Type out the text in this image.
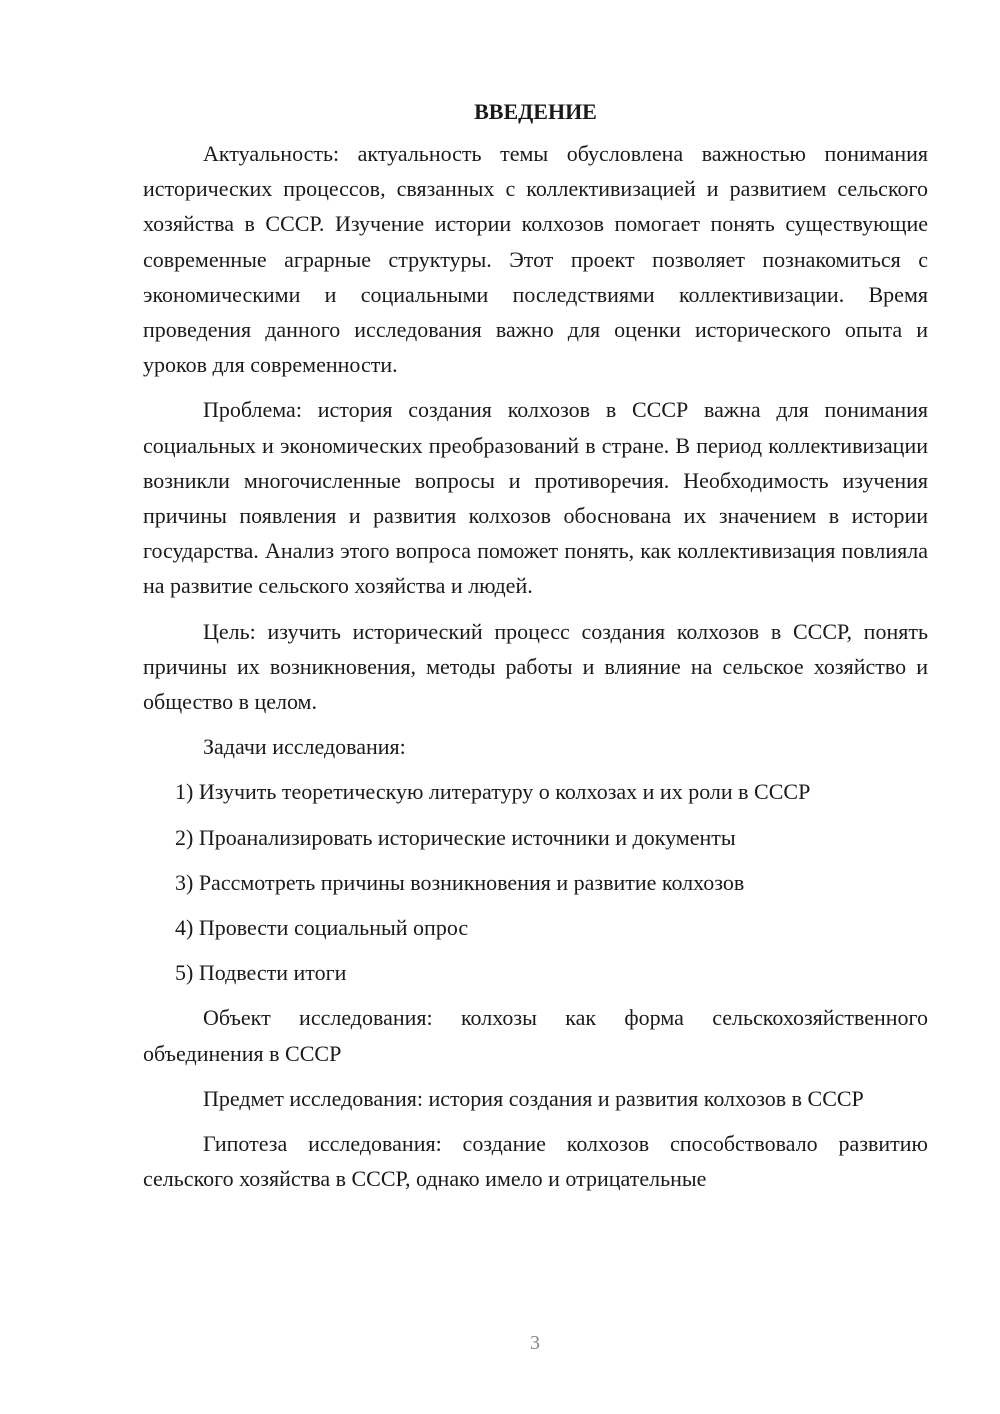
ВВЕДЕНИЕ

Актуальность: актуальность темы обусловлена важностью понимания исторических процессов, связанных с коллективизацией и развитием сельского хозяйства в СССР. Изучение истории колхозов помогает понять существующие современные аграрные структуры. Этот проект позволяет познакомиться с экономическими и социальными последствиями коллективизации. Время проведения данного исследования важно для оценки исторического опыта и уроков для современности.

Проблема: история создания колхозов в СССР важна для понимания социальных и экономических преобразований в стране. В период коллективизации возникли многочисленные вопросы и противоречия. Необходимость изучения причины появления и развития колхозов обоснована их значением в истории государства. Анализ этого вопроса поможет понять, как коллективизация повлияла на развитие сельского хозяйства и людей.

Цель: изучить исторический процесс создания колхозов в СССР, понять причины их возникновения, методы работы и влияние на сельское хозяйство и общество в целом.

Задачи исследования:

1) Изучить теоретическую литературу о колхозах и их роли в СССР
2) Проанализировать исторические источники и документы
3) Рассмотреть причины возникновения и развитие колхозов
4) Провести социальный опрос
5) Подвести итоги

Объект исследования: колхозы как форма сельскохозяйственного объединения в СССР

Предмет исследования: история создания и развития колхозов в СССР

Гипотеза исследования: создание колхозов способствовало развитию сельского хозяйства в СССР, однако имело и отрицательные

3
